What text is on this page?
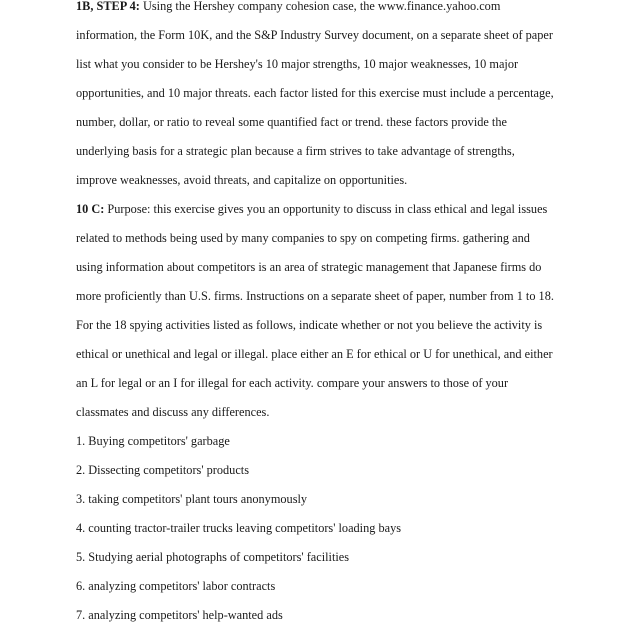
1B, STEP 4: Using the Hershey company cohesion case, the www.finance.yahoo.com
information, the Form 10K, and the S&P Industry Survey document, on a separate sheet of paper
list what you consider to be Hershey's 10 major strengths, 10 major weaknesses, 10 major
opportunities, and 10 major threats. each factor listed for this exercise must include a percentage,
number, dollar, or ratio to reveal some quantified fact or trend. these factors provide the
underlying basis for a strategic plan because a firm strives to take advantage of strengths,
improve weaknesses, avoid threats, and capitalize on opportunities.
10 C: Purpose: this exercise gives you an opportunity to discuss in class ethical and legal issues
related to methods being used by many companies to spy on competing firms. gathering and
using information about competitors is an area of strategic management that Japanese firms do
more proficiently than U.S. firms. Instructions on a separate sheet of paper, number from 1 to 18.
For the 18 spying activities listed as follows, indicate whether or not you believe the activity is
ethical or unethical and legal or illegal. place either an E for ethical or U for unethical, and either
an L for legal or an I for illegal for each activity. compare your answers to those of your
classmates and discuss any differences.
1. Buying competitors' garbage
2. Dissecting competitors' products
3. taking competitors' plant tours anonymously
4. counting tractor-trailer trucks leaving competitors' loading bays
5. Studying aerial photographs of competitors' facilities
6. analyzing competitors' labor contracts
7. analyzing competitors' help-wanted ads
